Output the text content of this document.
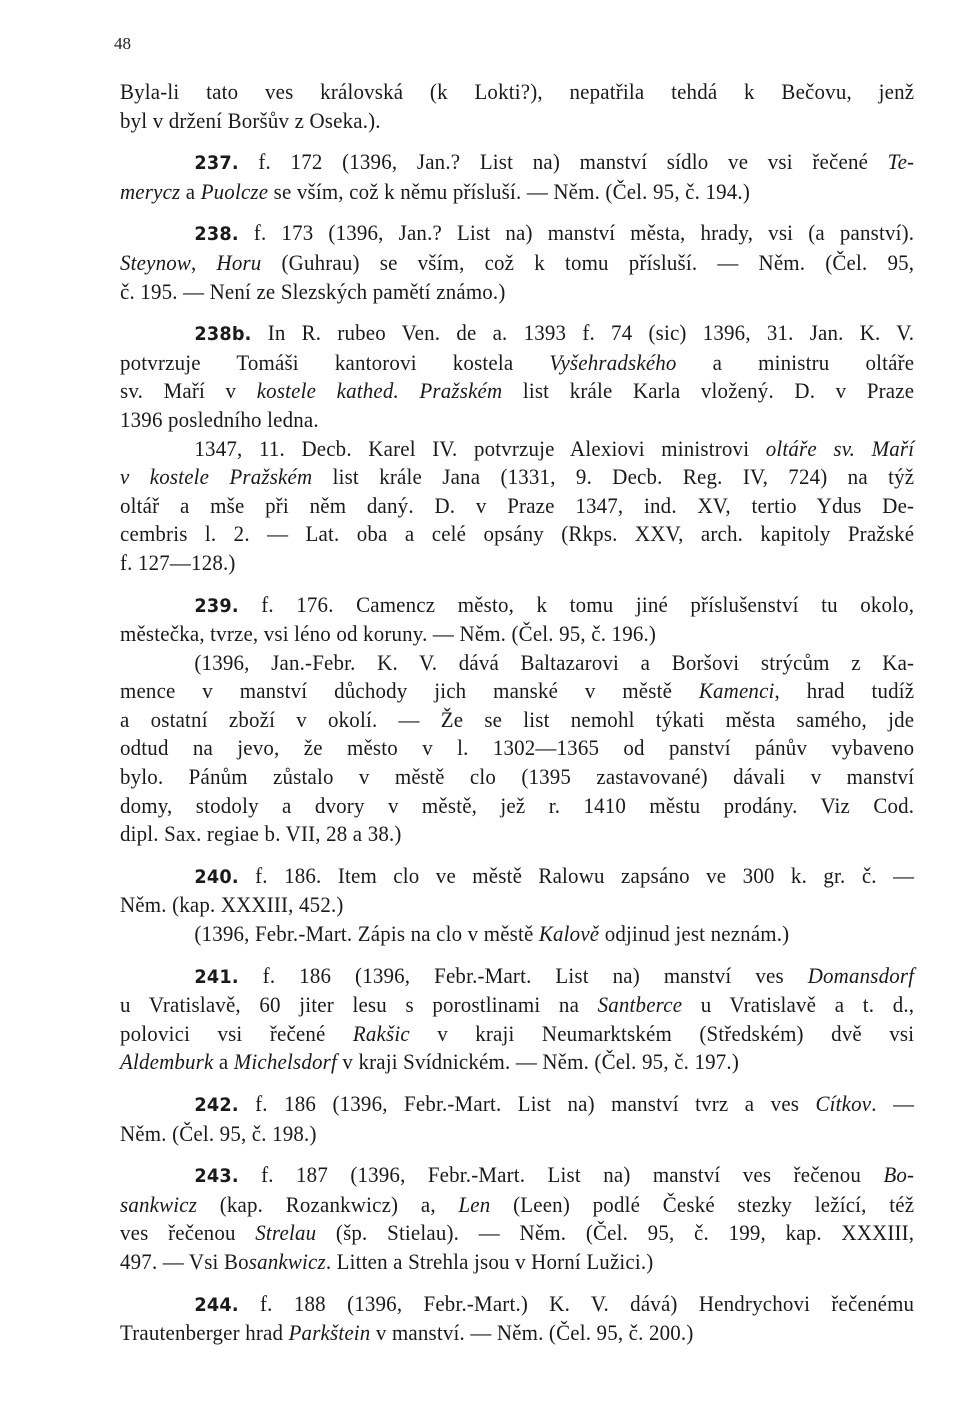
48
Byla-li tato ves královská (k Lokti?), nepatřila tehdá k Bečovu, jenž
byl v držení Boršův z Oseka.).
237. f. 172 (1396, Jan.? List na) manství sídlo ve vsi řečené Te-
merycz a Puolcze se vším, což k němu přísluší. — Něm. (Čel. 95, č. 194.)
238. f. 173 (1396, Jan.? List na) manství města, hrady, vsi (a panství).
Steynow, Horu (Guhrau) se vším, což k tomu přísluší. — Něm. (Čel. 95,
č. 195. — Není ze Slezských pamětí známo.)
238b. In R. rubeo Ven. de a. 1393 f. 74 (sic) 1396, 31. Jan. K. V.
potvrzuje Tomáši kantorovi kostela Vyšehradského a ministru oltáře
sv. Maří v kostele kathed. Pražském list krále Karla vložený. D. v Praze
1396 posledního ledna.
1347, 11. Decb. Karel IV. potvrzuje Alexiovi ministrovi oltáře sv. Maří
v kostele Pražském list krále Jana (1331, 9. Decb. Reg. IV, 724) na týž
oltář a mše při něm daný. D. v Praze 1347, ind. XV, tertio Ydus De-
cembris l. 2. — Lat. oba a celé opsány (Rkps. XXV, arch. kapitoly Pražské
f. 127—128.)
239. f. 176. Camencz město, k tomu jiné příslušenství tu okolo,
městečka, tvrze, vsi léno od koruny. — Něm. (Čel. 95, č. 196.)
(1396, Jan.-Febr. K. V. dává Baltazarovi a Boršovi strýcům z Ka-
mence v manství důchody jich manské v městě Kamenci, hrad tudíž
a ostatní zboží v okolí. — Že se list nemohl týkati města samého, jde
odtud na jevo, že město v l. 1302—1365 od panství pánův vybaveno
bylo. Pánům zůstalo v městě clo (1395 zastavované) dávali v manství
domy, stodoly a dvory v městě, jež r. 1410 městu prodány. Viz Cod.
dipl. Sax. regiae b. VII, 28 a 38.)
240. f. 186. Item clo ve městě Ralowu zapsáno ve 300 k. gr. č. —
Něm. (kap. XXXIII, 452.)
(1396, Febr.-Mart. Zápis na clo v městě Kalově odjinud jest neznám.)
241. f. 186 (1396, Febr.-Mart. List na) manství ves Domansdorf
u Vratislavě, 60 jiter lesu s porostlinami na Santberce u Vratislavě a t. d.,
polovici vsi řečené Rakšic v kraji Neumarktském (Středském) dvě vsi
Aldemburk a Michelsdorf v kraji Svídnickém. — Něm. (Čel. 95, č. 197.)
242. f. 186 (1396, Febr.-Mart. List na) manství tvrz a ves Cítkov. —
Něm. (Čel. 95, č. 198.)
243. f. 187 (1396, Febr.-Mart. List na) manství ves řečenou Bo-
sankwicz (kap. Rozankwicz) a, Len (Leen) podlé České stezky ležící, též
ves řečenou Strelau (šp. Stielau). — Něm. (Čel. 95, č. 199, kap. XXXIII,
497. — Vsi Bosankwicz. Litten a Strehla jsou v Horní Lužici.)
244. f. 188 (1396, Febr.-Mart.) K. V. dává) Hendrychovi řečenému
Trautenberger hrad Parkštein v manství. — Něm. (Čel. 95, č. 200.)
